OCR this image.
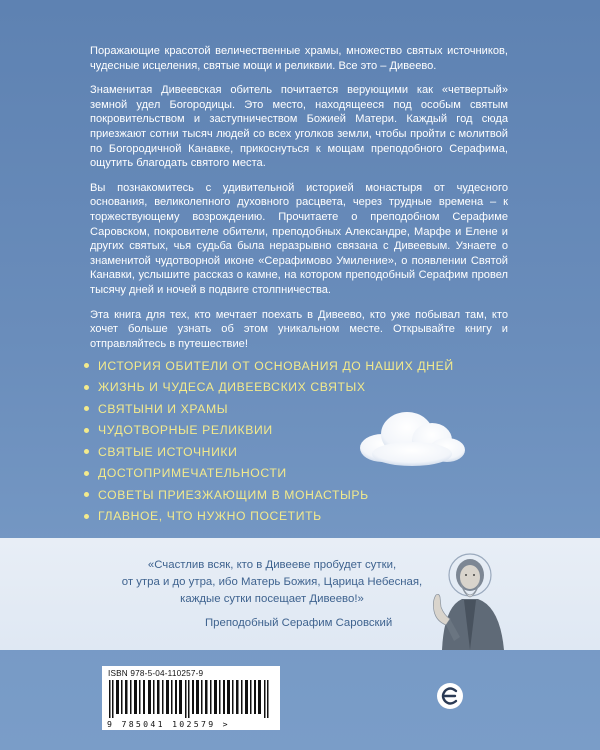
Поражающие красотой величественные храмы, множество святых источников, чудесные исцеления, святые мощи и реликвии. Все это – Дивеево.

Знаменитая Дивеевская обитель почитается верующими как «четвертый» земной удел Богородицы. Это место, находящееся под особым святым покровительством и заступничеством Божией Матери. Каждый год сюда приезжают сотни тысяч людей со всех уголков земли, чтобы пройти с молитвой по Богородичной Канавке, прикоснуться к мощам преподобного Серафима, ощутить благодать святого места.

Вы познакомитесь с удивительной историей монастыря от чудесного основания, великолепного духовного расцвета, через трудные времена – к торжествующему возрождению. Прочитаете о преподобном Серафиме Саровском, покровителе обители, преподобных Александре, Марфе и Елене и других святых, чья судьба была неразрывно связана с Дивеевым. Узнаете о знаменитой чудотворной иконе «Серафимово Умиление», о появлении Святой Канавки, услышите рассказ о камне, на котором преподобный Серафим провел тысячу дней и ночей в подвиге столпничества.

Эта книга для тех, кто мечтает поехать в Дивеево, кто уже побывал там, кто хочет больше узнать об этом уникальном месте. Открывайте книгу и отправляйтесь в путешествие!

ИСТОРИЯ ОБИТЕЛИ ОТ ОСНОВАНИЯ ДО НАШИХ ДНЕЙ
ЖИЗНЬ И ЧУДЕСА ДИВЕЕВСКИХ СВЯТЫХ
СВЯТЫНИ И ХРАМЫ
ЧУДОТВОРНЫЕ РЕЛИКВИИ
СВЯТЫЕ ИСТОЧНИКИ
ДОСТОПРИМЕЧАТЕЛЬНОСТИ
СОВЕТЫ ПРИЕЗЖАЮЩИМ В МОНАСТЫРЬ
ГЛАВНОЕ, ЧТО НУЖНО ПОСЕТИТЬ
«Счастлив всяк, кто в Дивееве пробудет сутки,
от утра и до утра, ибо Матерь Божия, Царица Небесная,
каждые сутки посещает Дивеево!»
Преподобный Серафим Саровский
ISBN 978-5-04-110257-9
9 785041 102579 >
